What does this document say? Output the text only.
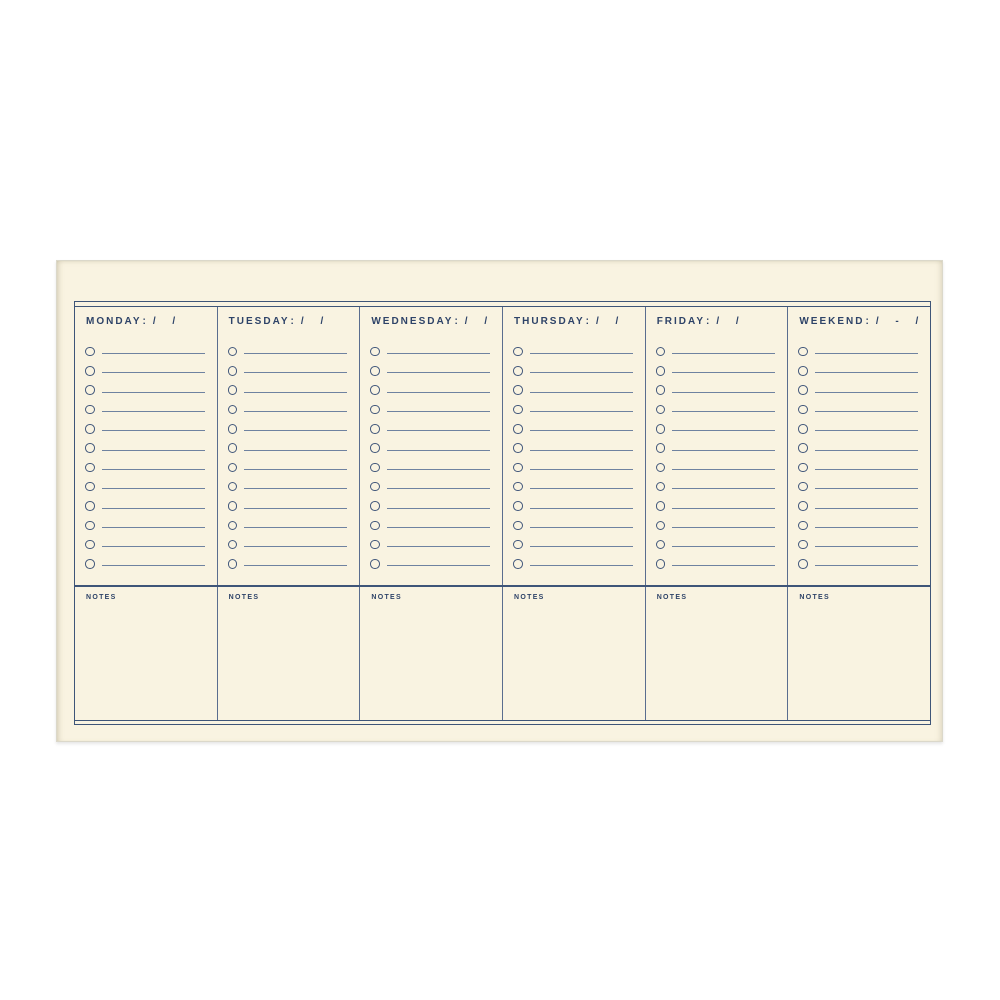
MONDAY: / /
NOTES
TUESDAY: / /
NOTES
WEDNESDAY: / /
NOTES
THURSDAY: / /
NOTES
FRIDAY: / /
NOTES
WEEKEND: / - /
NOTES
